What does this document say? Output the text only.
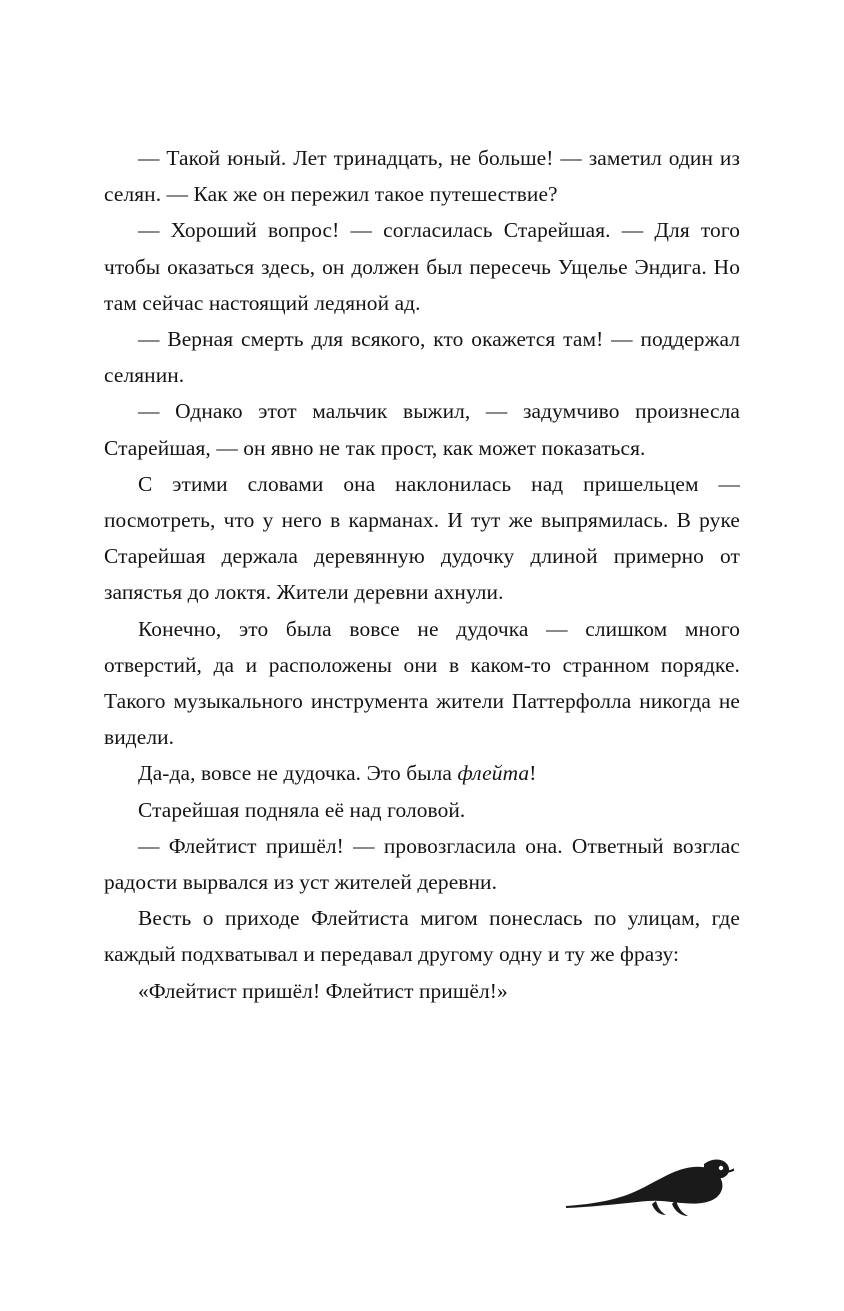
— Такой юный. Лет тринадцать, не больше! — заметил один из селян. — Как же он пережил такое путешествие?

— Хороший вопрос! — согласилась Старейшая. — Для того чтобы оказаться здесь, он должен был пересечь Ущелье Эндига. Но там сейчас настоящий ледяной ад.

— Верная смерть для всякого, кто окажется там! — поддержал селянин.

— Однако этот мальчик выжил, — задумчиво произнесла Старейшая, — он явно не так прост, как может показаться.

С этими словами она наклонилась над пришельцем — посмотреть, что у него в карманах. И тут же выпрямилась. В руке Старейшая держала деревянную дудочку длиной примерно от запястья до локтя. Жители деревни ахнули.

Конечно, это была вовсе не дудочка — слишком много отверстий, да и расположены они в каком-то странном порядке. Такого музыкального инструмента жители Паттерфолла никогда не видели.

Да-да, вовсе не дудочка. Это была флейта!

Старейшая подняла её над головой.

— Флейтист пришёл! — провозгласила она. Ответный возглас радости вырвался из уст жителей деревни.

Весть о приходе Флейтиста мигом понеслась по улицам, где каждый подхватывал и передавал другому одну и ту же фразу:

«Флейтист пришёл! Флейтист пришёл!»
